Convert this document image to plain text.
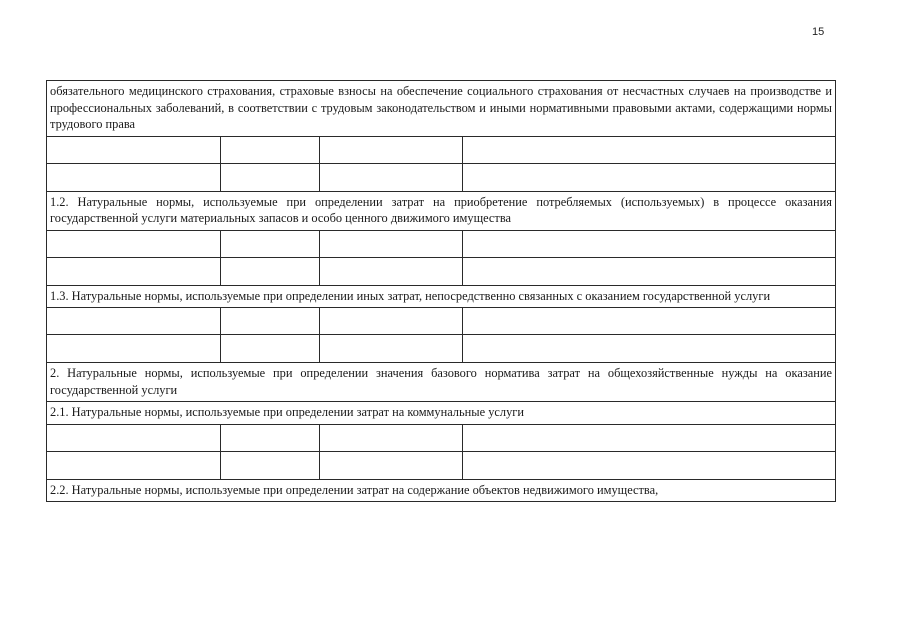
15
обязательного медицинского страхования, страховые взносы на обеспечение социального страхования от несчастных случаев на производстве и профессиональных заболеваний, в соответствии с трудовым законодательством и иными нормативными правовыми актами, содержащими нормы трудового права			

1.2. Натуральные нормы, используемые при определении затрат на приобретение потребляемых (используемых) в процессе оказания государственной услуги материальных запасов и особо ценного движимого имущества			

1.3. Натуральные нормы, используемые при определении иных затрат, непосредственно связанных с оказанием государственной услуги			

2. Натуральные нормы, используемые при определении значения базового норматива затрат на общехозяйственные нужды на оказание государственной услуги			
2.1. Натуральные нормы, используемые при определении затрат на коммунальные услуги			

2.2. Натуральные нормы, используемые при определении затрат на содержание объектов недвижимого имущества,			
